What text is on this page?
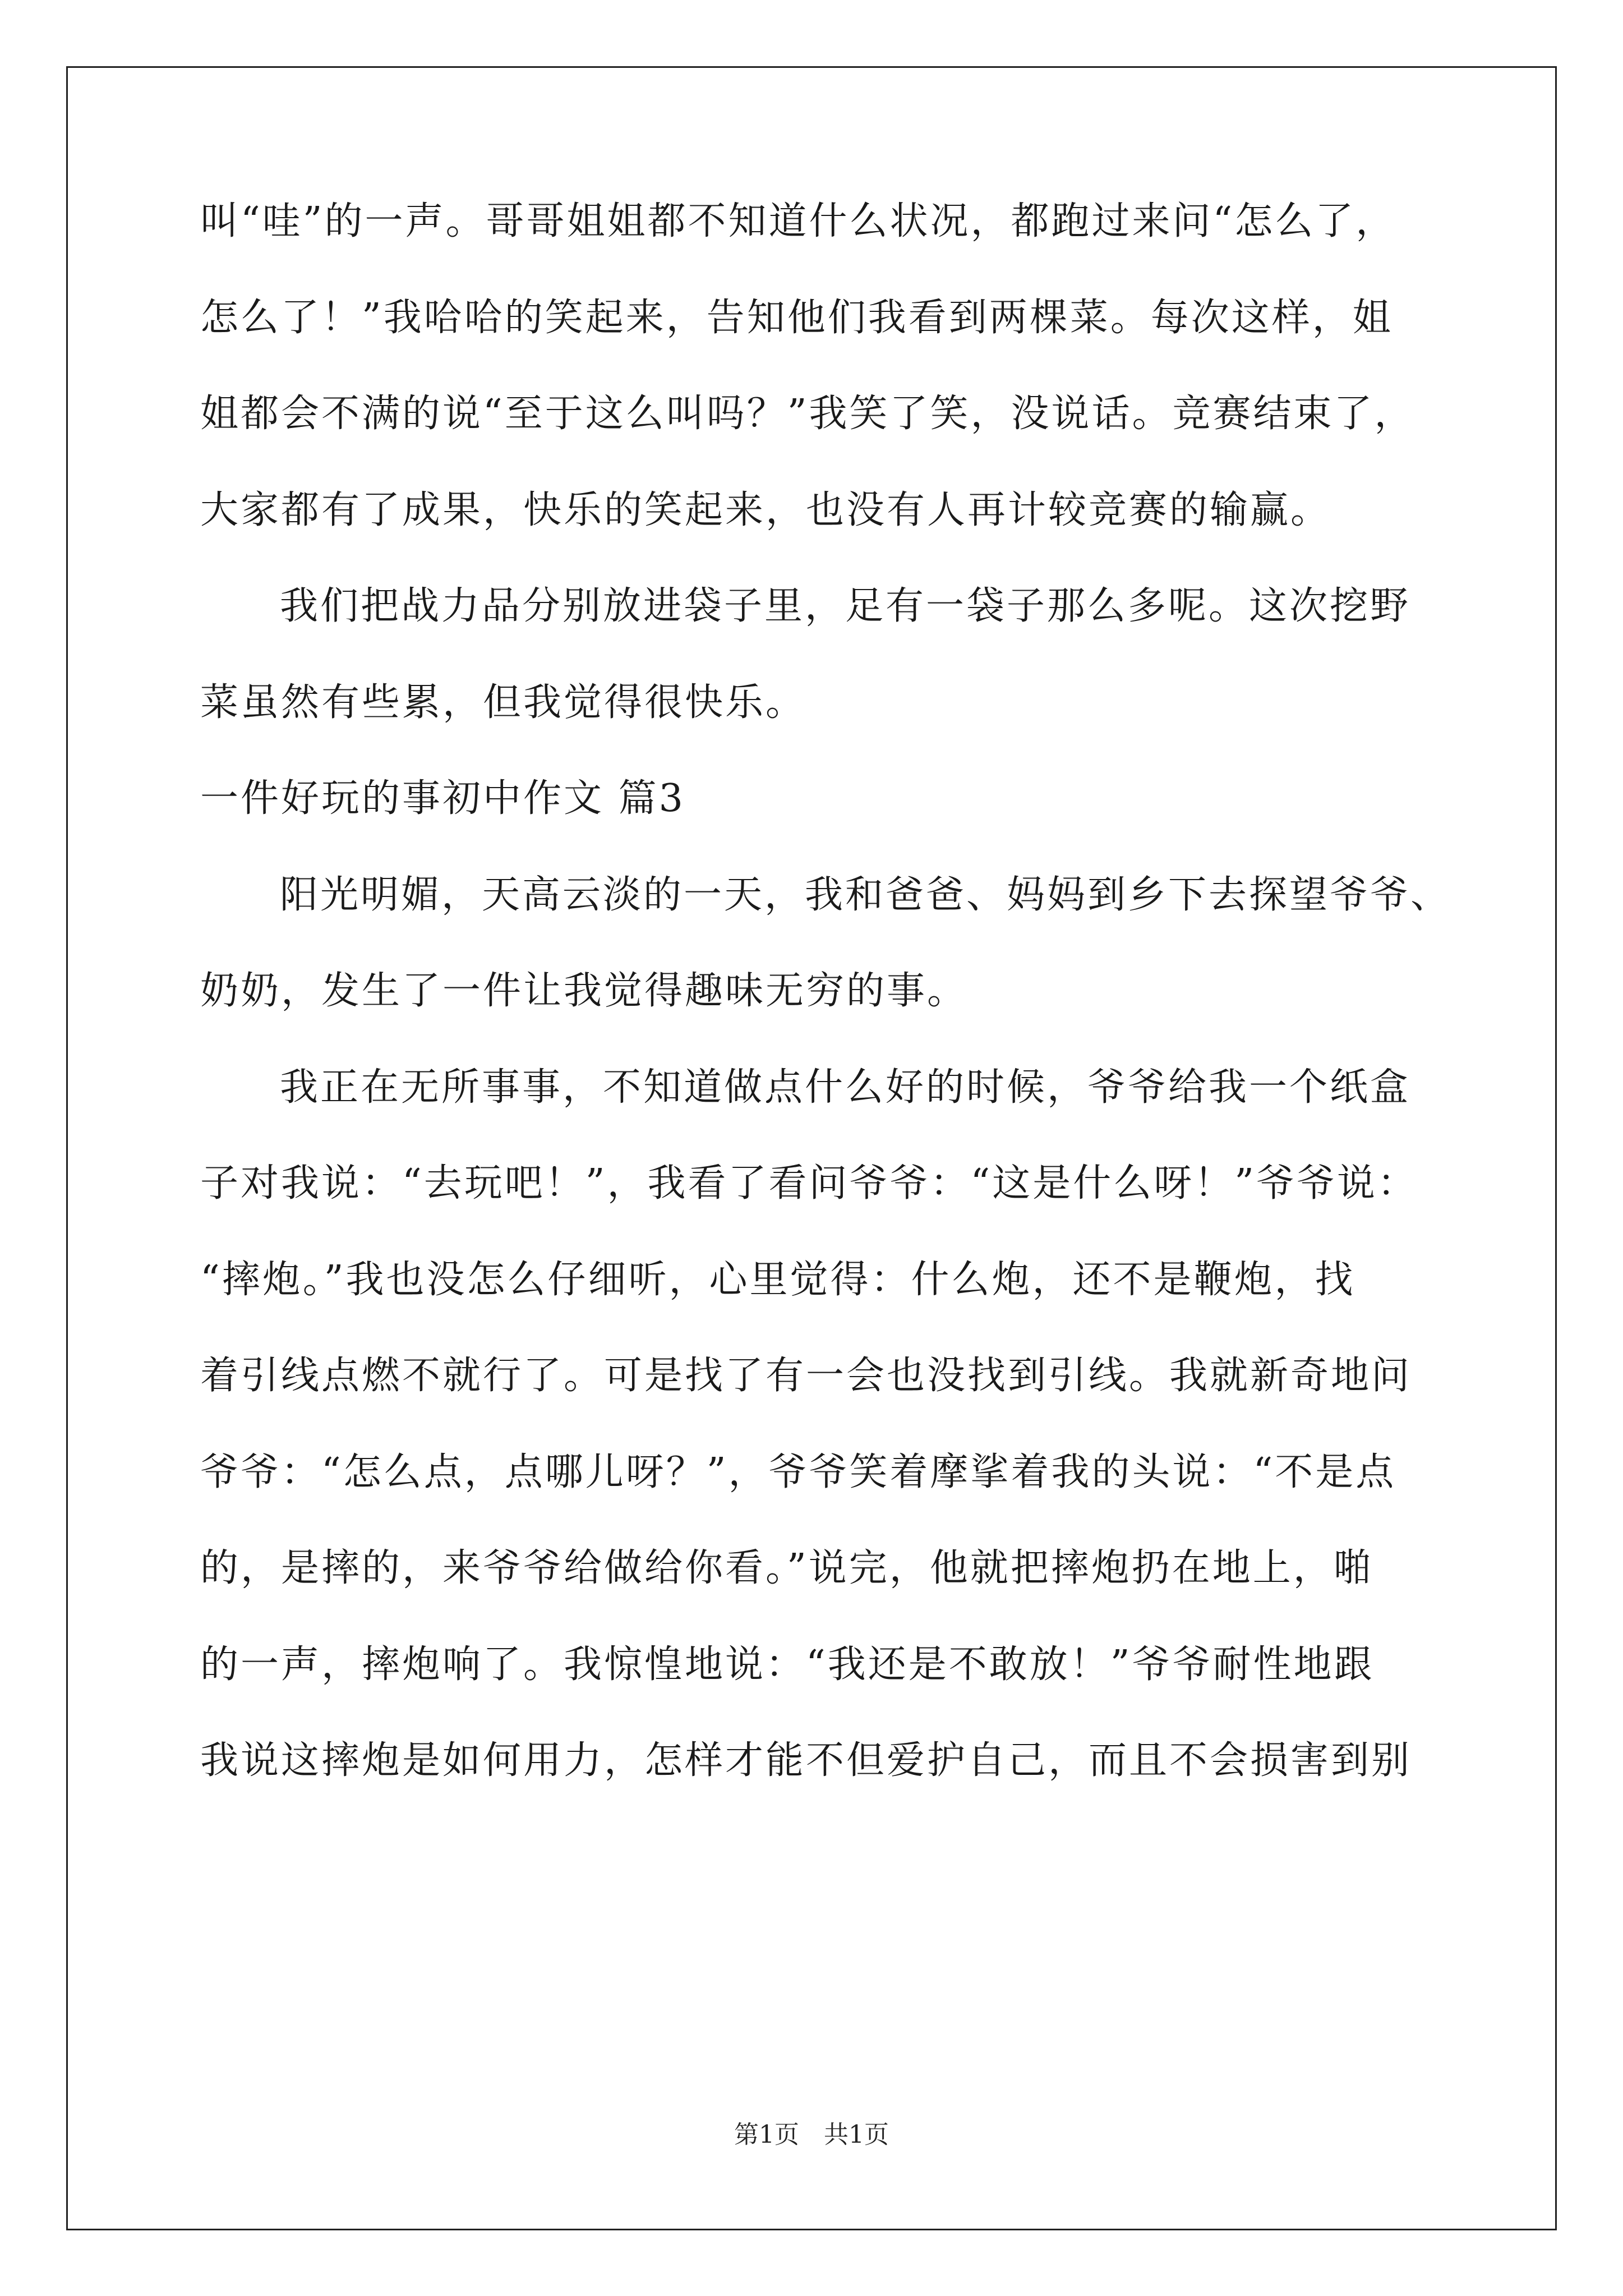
叫“哇”的一声。哥哥姐姐都不知道什么状况，都跑过来问“怎么了，
怎么了！”我哈哈的笑起来，告知他们我看到两棵菜。每次这样，姐
姐都会不满的说“至于这么叫吗？”我笑了笑，没说话。竞赛结束了，
大家都有了成果，快乐的笑起来，也没有人再计较竞赛的输赢。
我们把战力品分别放进袋子里，足有一袋子那么多呢。这次挖野
菜虽然有些累，但我觉得很快乐。
一件好玩的事初中作文 篇3
阳光明媚，天高云淡的一天，我和爸爸、妈妈到乡下去探望爷爷、
奶奶，发生了一件让我觉得趣味无穷的事。
我正在无所事事，不知道做点什么好的时候，爷爷给我一个纸盒
子对我说：“去玩吧！”，我看了看问爷爷：“这是什么呀！”爷爷说：
“摔炮。”我也没怎么仔细听，心里觉得：什么炮，还不是鞭炮，找
着引线点燃不就行了。可是找了有一会也没找到引线。我就新奇地问
爷爷：“怎么点，点哪儿呀？”，爷爷笑着摩挲着我的头说：“不是点
的，是摔的，来爷爷给做给你看。”说完，他就把摔炮扔在地上，啪
的一声，摔炮响了。我惊惶地说：“我还是不敢放！”爷爷耐性地跟
我说这摔炮是如何用力，怎样才能不但爱护自己，而且不会损害到别
第1页　共1页
